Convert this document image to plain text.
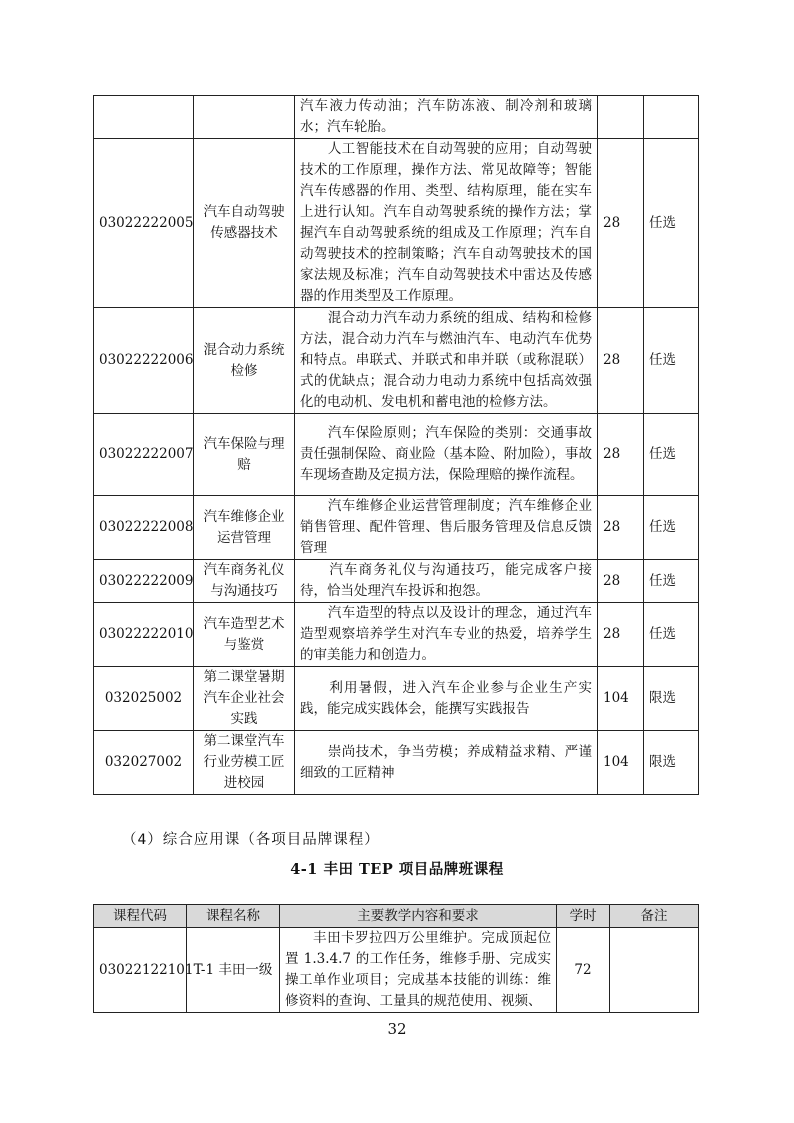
		汽车液力传动油；汽车防冻液、制冷剂和玻璃水；汽车轮胎。		
03022222005	汽车自动驾驶传感器技术	　　人工智能技术在自动驾驶的应用；自动驾驶技术的工作原理，操作方法、常见故障等；智能汽车传感器的作用、类型、结构原理，能在实车上进行认知。汽车自动驾驶系统的操作方法；掌握汽车自动驾驶系统的组成及工作原理；汽车自动驾驶技术的控制策略；汽车自动驾驶技术的国家法规及标准；汽车自动驾驶技术中雷达及传感器的作用类型及工作原理。	28	任选
03022222006	混合动力系统检修	　　混合动力汽车动力系统的组成、结构和检修方法，混合动力汽车与燃油汽车、电动汽车优势和特点。串联式、并联式和串并联（或称混联）式的优缺点；混合动力电动力系统中包括高效强化的电动机、发电机和蓄电池的检修方法。	28	任选
03022222007	汽车保险与理赔	　　汽车保险原则；汽车保险的类别：交通事故责任强制保险、商业险（基本险、附加险），事故车现场查勘及定损方法，保险理赔的操作流程。	28	任选
03022222008	汽车维修企业运营管理	　　汽车维修企业运营管理制度；汽车维修企业销售管理、配件管理、售后服务管理及信息反馈管理	28	任选
03022222009	汽车商务礼仪与沟通技巧	　　汽车商务礼仪与沟通技巧，能完成客户接待，恰当处理汽车投诉和抱怨。	28	任选
03022222010	汽车造型艺术与鉴赏	　　汽车造型的特点以及设计的理念，通过汽车造型观察培养学生对汽车专业的热爱，培养学生的审美能力和创造力。	28	任选
032025002	第二课堂暑期汽车企业社会实践	　　利用暑假，进入汽车企业参与企业生产实践，能完成实践体会，能撰写实践报告	104	限选
032027002	第二课堂汽车行业劳模工匠进校园	　　崇尚技术，争当劳模；养成精益求精、严谨细致的工匠精神	104	限选
（4）综合应用课（各项目品牌课程）
4-1 丰田 TEP 项目品牌班课程
课程代码	课程名称	主要教学内容和要求	学时	备注
03022122101	T-1 丰田一级	　　丰田卡罗拉四万公里维护。完成顶起位置 1.3.4.7 的工作任务，维修手册、完成实操工单作业项目；完成基本技能的训练：维修资料的查询、工量具的规范使用、视频、	72	
32
